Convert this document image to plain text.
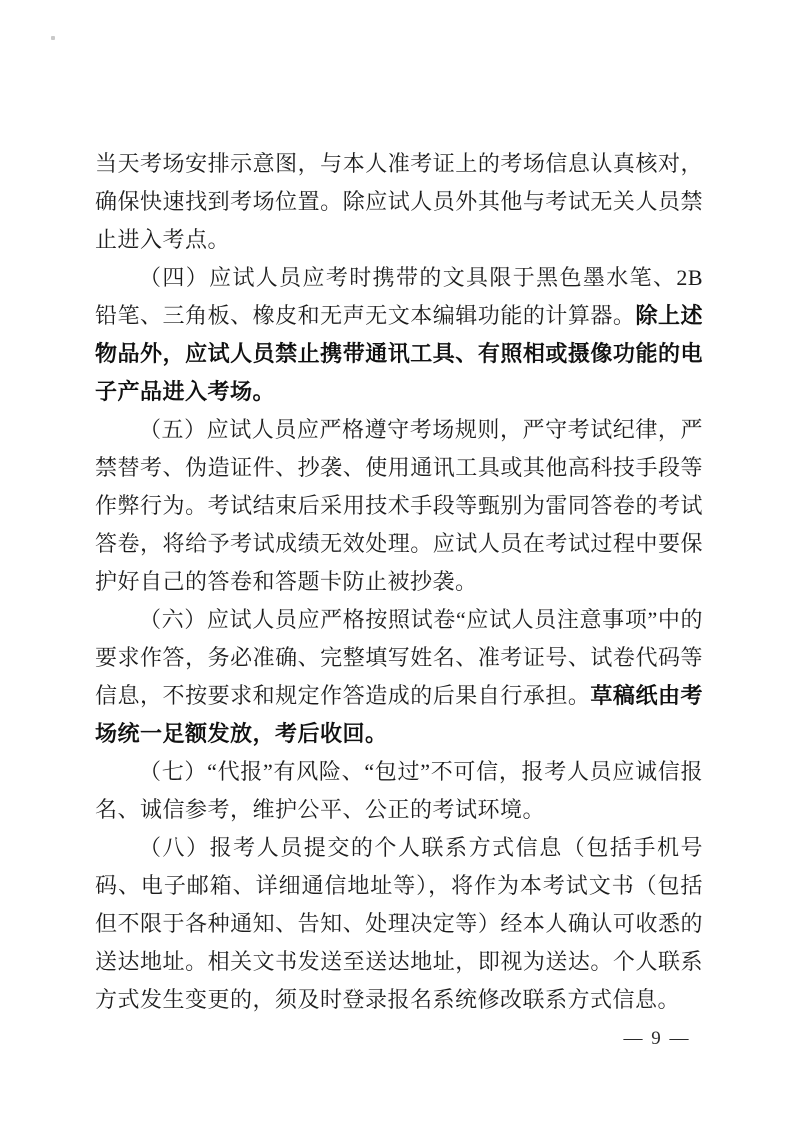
当天考场安排示意图，与本人准考证上的考场信息认真核对，确保快速找到考场位置。除应试人员外其他与考试无关人员禁止进入考点。

（四）应试人员应考时携带的文具限于黑色墨水笔、2B 铅笔、三角板、橡皮和无声无文本编辑功能的计算器。除上述物品外，应试人员禁止携带通讯工具、有照相或摄像功能的电子产品进入考场。

（五）应试人员应严格遵守考场规则，严守考试纪律，严禁替考、伪造证件、抄袭、使用通讯工具或其他高科技手段等作弊行为。考试结束后采用技术手段等甄别为雷同答卷的考试答卷，将给予考试成绩无效处理。应试人员在考试过程中要保护好自己的答卷和答题卡防止被抄袭。

（六）应试人员应严格按照试卷“应试人员注意事项”中的要求作答，务必准确、完整填写姓名、准考证号、试卷代码等信息，不按要求和规定作答造成的后果自行承担。草稿纸由考场统一足额发放，考后收回。

（七）“代报”有风险、“包过”不可信，报考人员应诚信报名、诚信参考，维护公平、公正的考试环境。

（八）报考人员提交的个人联系方式信息（包括手机号码、电子邮箱、详细通信地址等），将作为本考试文书（包括但不限于各种通知、告知、处理决定等）经本人确认可收悉的送达地址。相关文书发送至送达地址，即视为送达。个人联系方式发生变更的，须及时登录报名系统修改联系方式信息。

— 9 —
